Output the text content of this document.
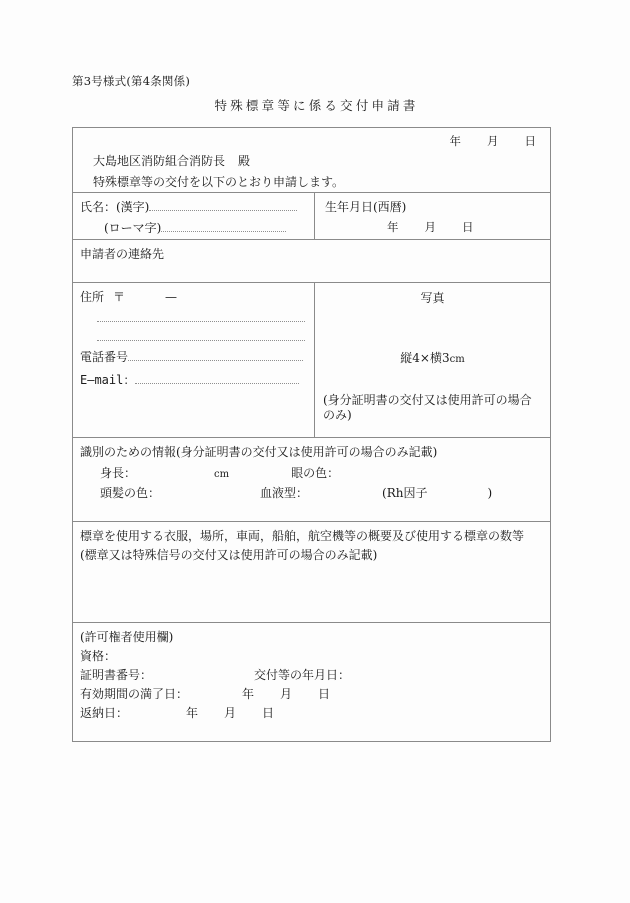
第3号様式(第4条関係)
特殊標章等に係る交付申請書
年 月 日
大島地区消防組合消防長 殿
特殊標章等の交付を以下のとおり申請します。
氏名：(漢字)
(ローマ字)
生年月日(西暦)
年 月 日
申請者の連絡先
住所 〒	—
電話番号
E—mail：
写真
縦4×横3cm
(身分証明書の交付又は使用許可の場合のみ)
識別のための情報(身分証明書の交付又は使用許可の場合のみ記載)
身長：	cm	眼の色：
頭髪の色：	血液型：	(Rh因子	)
標章を使用する衣服，場所，車両，船舶，航空機等の概要及び使用する標章の数等
(標章又は特殊信号の交付又は使用許可の場合のみ記載)
(許可権者使用欄)
資格：
証明書番号：	交付等の年月日：
有効期間の満了日：	年 月 日
返納日：	年 月 日
